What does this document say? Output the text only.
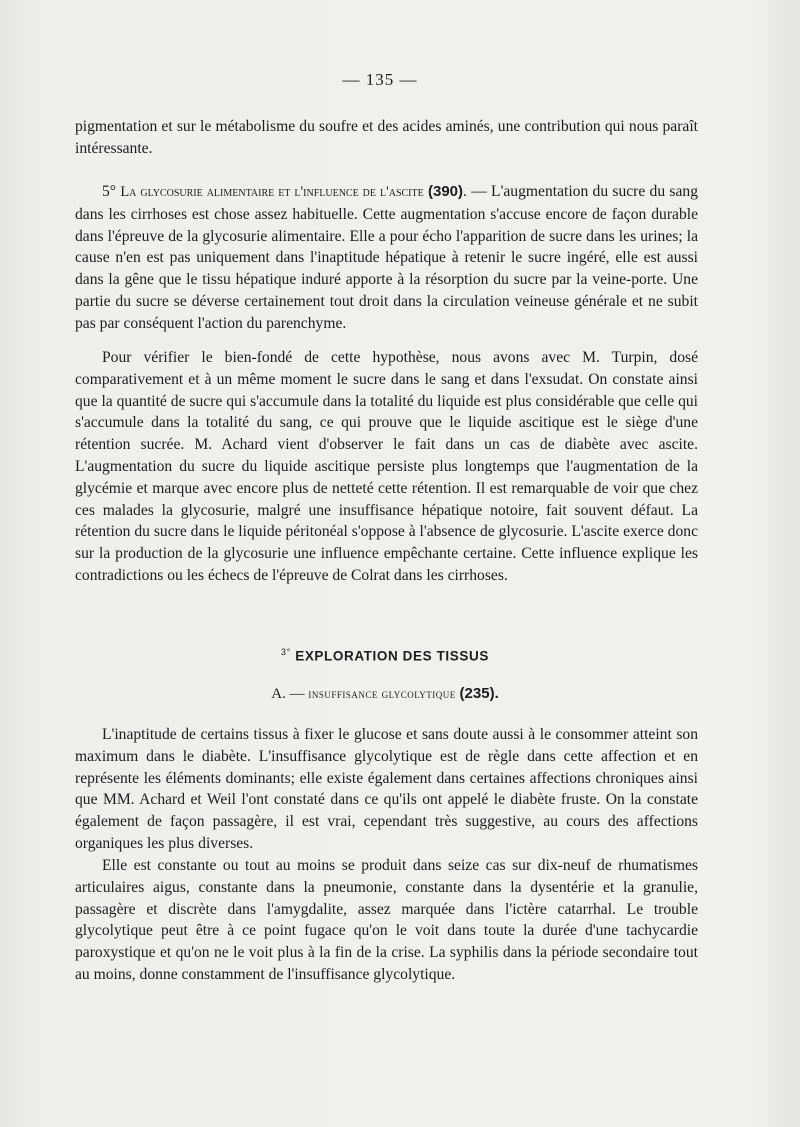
— 135 —

pigmentation et sur le métabolisme du soufre et des acides aminés, une contribution qui nous paraît intéressante.

5° La glycosurie alimentaire et l'influence de l'ascite (390). — L'augmentation du sucre du sang dans les cirrhoses est chose assez habituelle. Cette augmentation s'accuse encore de façon durable dans l'épreuve de la glycosurie alimentaire. Elle a pour écho l'apparition de sucre dans les urines; la cause n'en est pas uniquement dans l'inaptitude hépatique à retenir le sucre ingéré, elle est aussi dans la gêne que le tissu hépatique induré apporte à la résorption du sucre par la veine-porte. Une partie du sucre se déverse certainement tout droit dans la circulation veineuse générale et ne subit pas par conséquent l'action du parenchyme.

Pour vérifier le bien-fondé de cette hypothèse, nous avons avec M. Turpin, dosé comparativement et à un même moment le sucre dans le sang et dans l'exsudat. On constate ainsi que la quantité de sucre qui s'accumule dans la totalité du liquide est plus considérable que celle qui s'accumule dans la totalité du sang, ce qui prouve que le liquide ascitique est le siège d'une rétention sucrée. M. Achard vient d'observer le fait dans un cas de diabète avec ascite. L'augmentation du sucre du liquide ascitique persiste plus longtemps que l'augmentation de la glycémie et marque avec encore plus de netteté cette rétention. Il est remarquable de voir que chez ces malades la glycosurie, malgré une insuffisance hépatique notoire, fait souvent défaut. La rétention du sucre dans le liquide péritonéal s'oppose à l'absence de glycosurie. L'ascite exerce donc sur la production de la glycosurie une influence empêchante certaine. Cette influence explique les contradictions ou les échecs de l'épreuve de Colrat dans les cirrhoses.

$^{3^\circ}$ EXPLORATION DES TISSUS
A. — insuffisance glycolytique (235).

L'inaptitude de certains tissus à fixer le glucose et sans doute aussi à le consommer atteint son maximum dans le diabète. L'insuffisance glycolytique est de règle dans cette affection et en représente les éléments dominants; elle existe également dans certaines affections chroniques ainsi que MM. Achard et Weil l'ont constaté dans ce qu'ils ont appelé le diabète fruste. On la constate également de façon passagère, il est vrai, cependant très suggestive, au cours des affections organiques les plus diverses.

Elle est constante ou tout au moins se produit dans seize cas sur dix-neuf de rhumatismes articulaires aigus, constante dans la pneumonie, constante dans la dysentérie et la granulie, passagère et discrète dans l'amygdalite, assez marquée dans l'ictère catarrhal. Le trouble glycolytique peut être à ce point fugace qu'on le voit dans toute la durée d'une tachycardie paroxystique et qu'on ne le voit plus à la fin de la crise. La syphilis dans la période secondaire tout au moins, donne constamment de l'insuffisance glycolytique.
